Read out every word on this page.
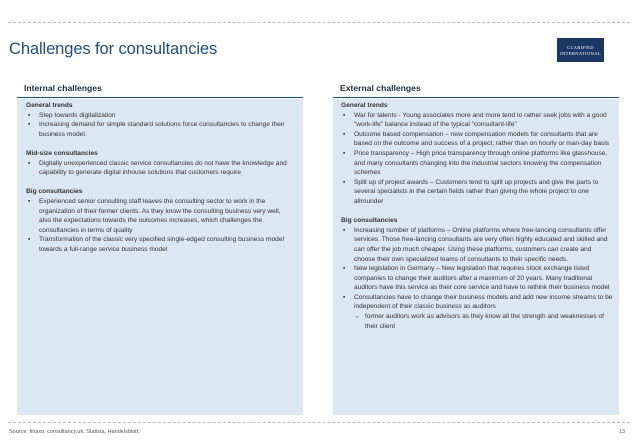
Challenges for consultancies	CLARIFIED
INTERNATIONAL
Internal challenges
General trends
▪ Step towards digitalization
▪ Increasing demand for simple standard solutions force consultancies to change their business model.
Mid-size consultancies
▪ Digitally unexperienced classic service consultancies do not have the knowledge and capability to generate digital inhouse solutions that customers require
Big consultancies
▪ Experienced senior consulting staff leaves the consulting sector to work in the organization of their former clients. As they know the consulting business very well, also the expectations towards the outcomes increases, which challenges the consultancies in terms of quality
▪ Transformation of the classic very specified single-edged consulting business model towards a full-range service business model
External challenges
General trends
▪ War for talents - Young associates more and more tend to rather seek jobs with a good “work-life” balance instead of the typical “consultant-life”
▪ Outcome based compensation – new compensation models for consultants that are based on the outcome and success of a project, rather than on hourly or man-day basis
▪ Price transparency – High price transparency through online platforms like glasshouse, and many consultants changing into the industrial sectors knowing the compensation schemes
▪ Split up of project awards – Customers tend to split up projects and give the parts to several specialists in the certain fields rather than giving the whole project to one allrounder
Big consultancies
▪ Increasing number of platforms – Online platforms where free-lancing consultants offer services. Those free-lancing consultants are very often highly educated and skilled and can offer the job much cheaper. Using these platforms, customers can create and choose their own specialized teams of consultants to their specific needs.
▪ New legislation in Germany – New legislation that requires stock exchange listed companies to change their auditors after a maximum of 20 years. Many traditional auditors have this service as their core service and have to rethink their business model
▪ Consultancies have to change their business models and add new income streams to be independent of their classic business as auditors
→ former auditors work as advisors as they know all the strength and weaknesses of their client
Source: finaxo, consultancy.uk, Statista, Handelsblatt;	13
